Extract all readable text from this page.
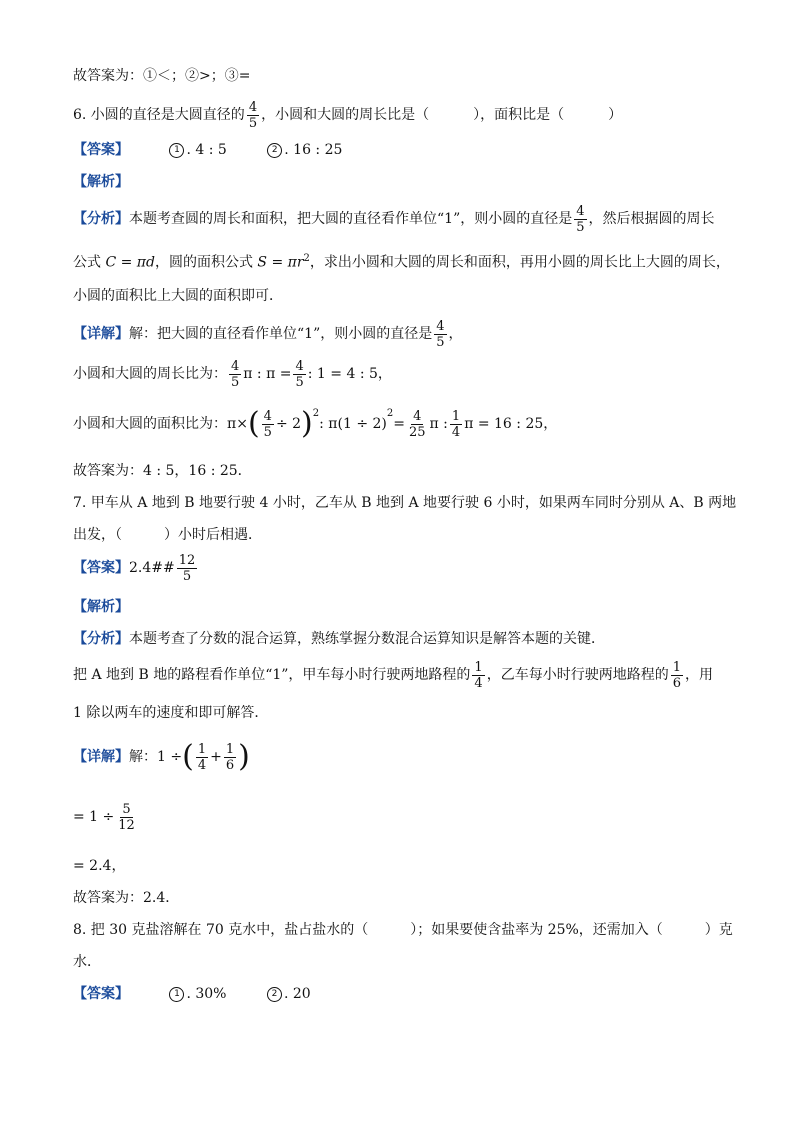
故答案为：①＜；②>；③=
6. 小圆的直径是大圆直径的 $\frac{4}{5}$ ，小圆和大圆的周长比是（	），面积比是（	）
【答案】	1 . 4 : 5	2 . 16 : 25
【解析】
【分析】 本题考查圆的周长和面积，把大圆的直径看作单位“1”，则小圆的直径是 $\frac{4}{5}$ ，然后根据圆的周长
公式 C = πd，圆的面积公式 $S = \pi r^2$，求出小圆和大圆的周长和面积，再用小圆的周长比上大圆的周长，
小圆的面积比上大圆的面积即可．
【详解】 解：把大圆的直径看作单位“1”，则小圆的直径是 $\frac{4}{5}$ ，
小圆和大圆的周长比为： $\frac{4}{5}$ π : $\pi = \frac{4}{5}$ : 1 = 4 : 5，
小圆和大圆的面积比为： π× ( $\frac{4}{5} \div 2$ ) 2
: π(1 ÷ 2)
2
= $\frac{4}{25}$ π : $\frac{1}{4}$ π = 16 : 25，
故答案为：4 : 5，16 : 25．
7. 甲车从 A 地到 B 地要行驶 4 小时，乙车从 B 地到 A 地要行驶 6 小时，如果两车同时分别从 A、B 两地
出发，（　　　）小时后相遇．
【答案】 2.4## $\frac{12}{5}$
【解析】
【分析】本题考查了分数的混合运算，熟练掌握分数混合运算知识是解答本题的关键．
把 A 地到 B 地的路程看作单位“1”，甲车每小时行驶两地路程的 $\frac{1}{4}$ ，乙车每小时行驶两地路程的 $\frac{1}{6}$ ，用
1 除以两车的速度和即可解答．
【详解】 解：1 ÷ ( $\frac{1}{4} + \frac{1}{6}$ )
= $1 \div \frac{5}{12}$
= 2.4，
故答案为：2.4．
8. 把 30 克盐溶解在 70 克水中，盐占盐水的（　　　）；如果要使含盐率为 25%，还需加入（　　　）克
水．
【答案】	1 . 30%	2 . 20
